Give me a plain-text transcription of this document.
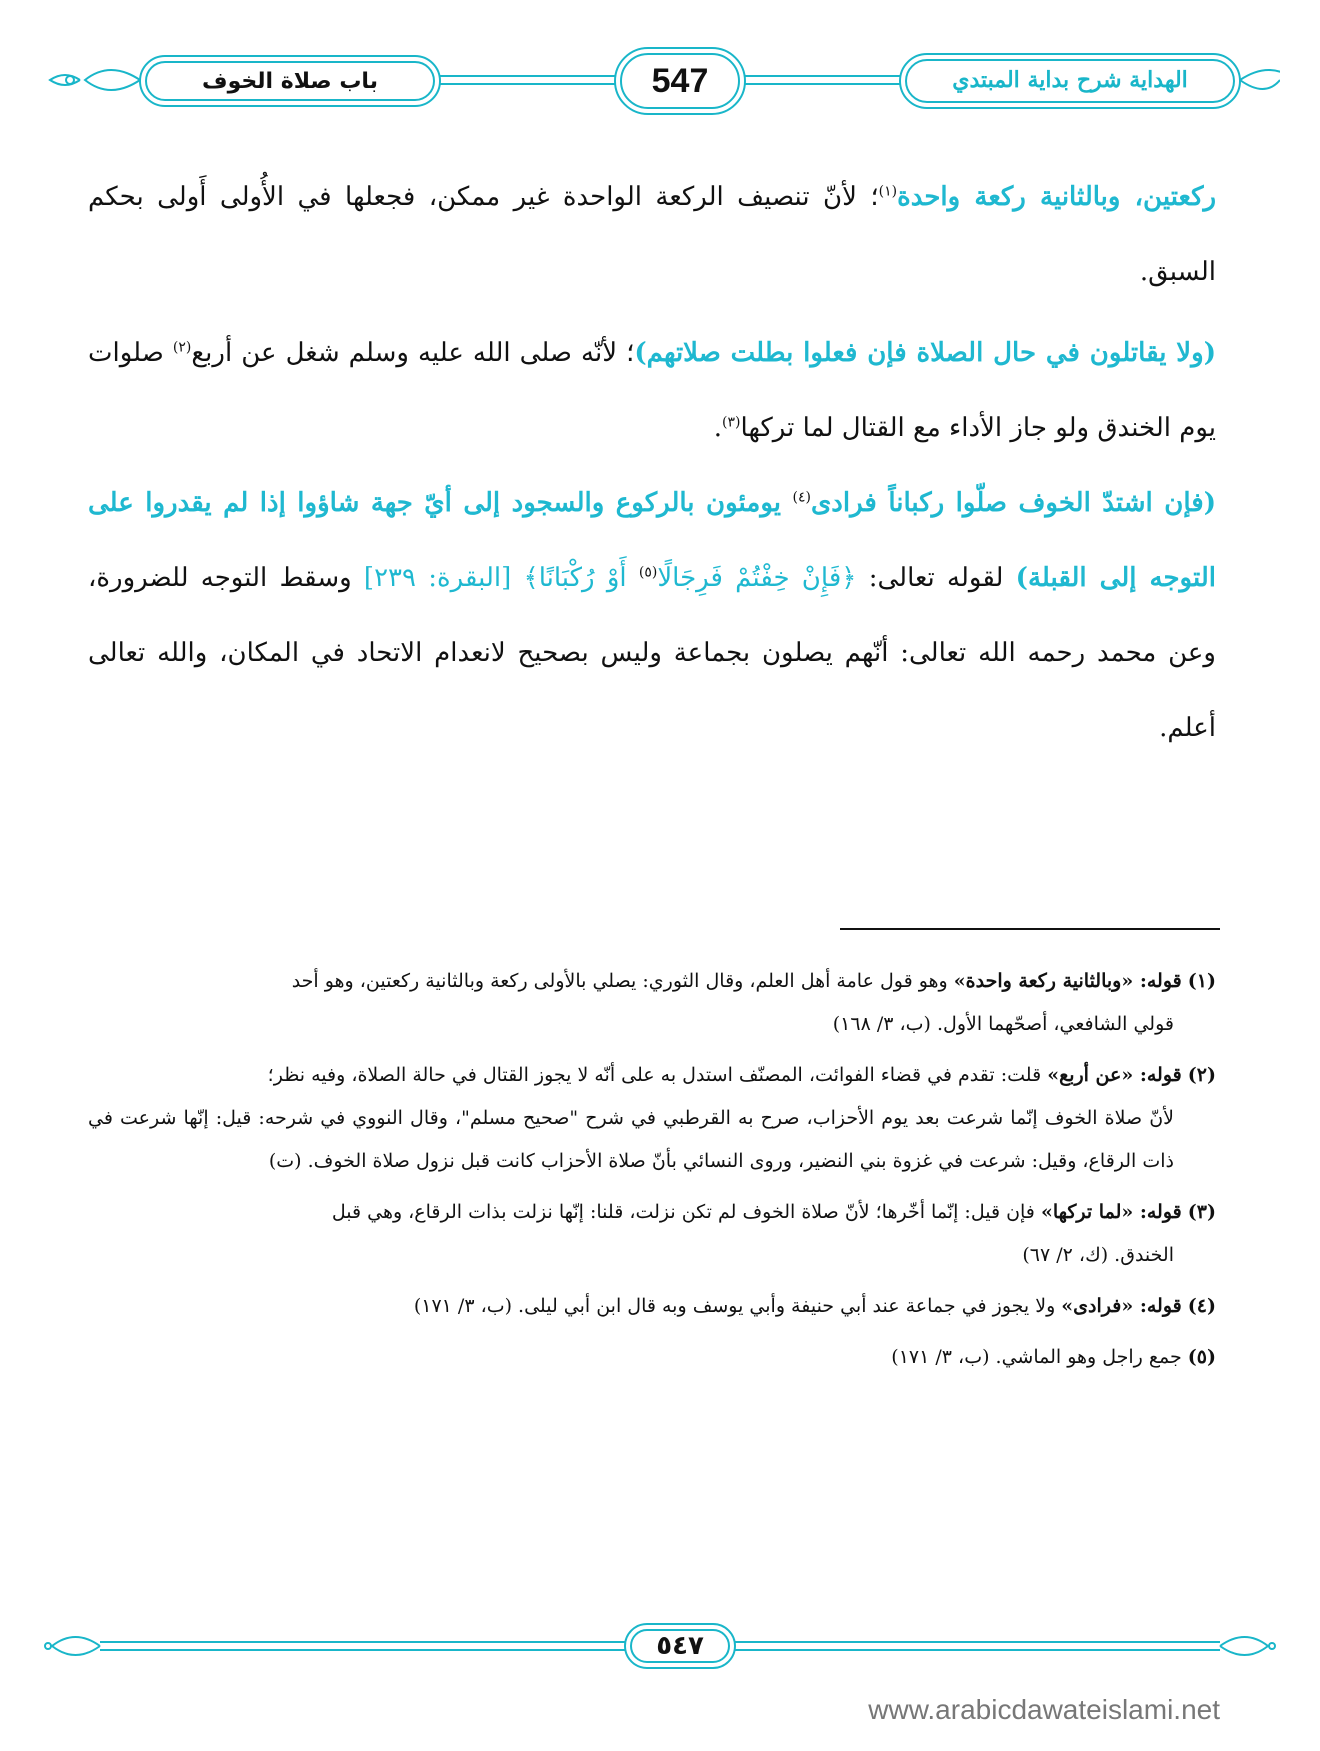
باب صلاة الخوف	547	الهداية شرح بداية المبتدي

ركعتين، وبالثانية ركعة واحدة$^{(١)}$؛ لأنّ تنصيف الركعة الواحدة غير ممكن، فجعلها في الأُولى أَولى بحكم السبق.

(ولا يقاتلون في حال الصلاة فإن فعلوا بطلت صلاتهم)؛ لأنّه صلى الله عليه وسلم شغل عن أربع$^{(٢)}$ صلوات يوم الخندق ولو جاز الأداء مع القتال لما تركها$^{(٣)}$.

(فإن اشتدّ الخوف صلّوا ركباناً فرادى$^{(٤)}$ يومئون بالركوع والسجود إلى أيّ جهة شاؤوا إذا لم يقدروا على التوجه إلى القبلة) لقوله تعالى: ﴿فَإِنْ خِفْتُمْ فَرِجَالًا$^{(٥)}$ أَوْ رُكْبَانًا﴾ [البقرة: ٢٣٩] وسقط التوجه للضرورة، وعن محمد رحمه الله تعالى: أنّهم يصلون بجماعة وليس بصحيح لانعدام الاتحاد في المكان، والله تعالى أعلم.

(١) قوله: «وبالثانية ركعة واحدة» وهو قول عامة أهل العلم، وقال الثوري: يصلي بالأولى ركعة وبالثانية ركعتين، وهو أحد
قولي الشافعي، أصحّهما الأول. (ب، ٣/ ١٦٨)
(٢) قوله: «عن أربع» قلت: تقدم في قضاء الفوائت، المصنّف استدل به على أنّه لا يجوز القتال في حالة الصلاة، وفيه نظر؛
لأنّ صلاة الخوف إنّما شرعت بعد يوم الأحزاب، صرح به القرطبي في شرح "صحيح مسلم"، وقال النووي في شرحه: قيل: إنّها شرعت في ذات الرقاع، وقيل: شرعت في غزوة بني النضير، وروى النسائي بأنّ صلاة الأحزاب كانت قبل نزول صلاة الخوف. (ت)
(٣) قوله: «لما تركها» فإن قيل: إنّما أخّرها؛ لأنّ صلاة الخوف لم تكن نزلت، قلنا: إنّها نزلت بذات الرقاع، وهي قبل
الخندق. (ك، ٢/ ٦٧)
(٤) قوله: «فرادى» ولا يجوز في جماعة عند أبي حنيفة وأبي يوسف وبه قال ابن أبي ليلى. (ب، ٣/ ١٧١)
(٥) جمع راجل وهو الماشي. (ب، ٣/ ١٧١)
٥٤٧
www.arabicdawateislami.net
